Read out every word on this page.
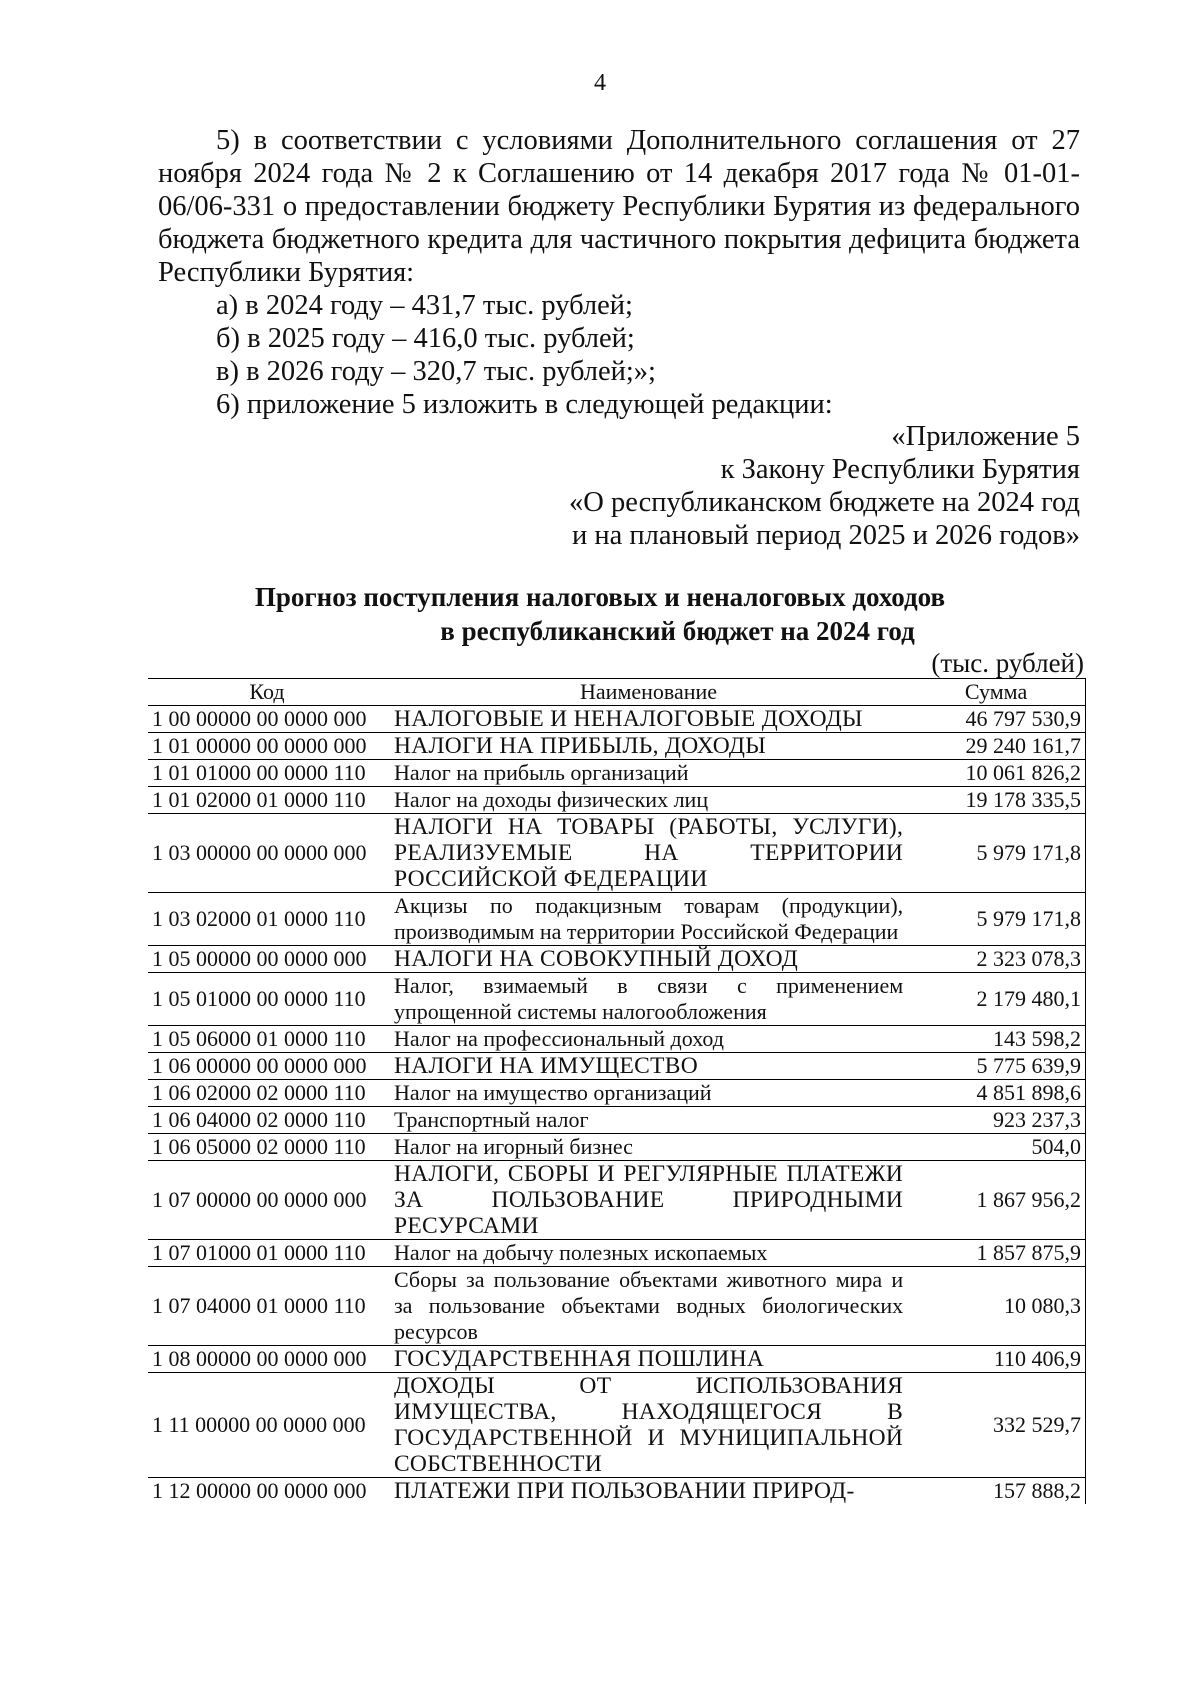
4

5) в соответствии с условиями Дополнительного соглашения от 27 ноября 2024 года № 2 к Соглашению от 14 декабря 2017 года № 01-01-06/06-331 о предоставлении бюджету Республики Бурятия из федерального бюджета бюджетного кредита для частичного покрытия дефицита бюджета Республики Бурятия:

а) в 2024 году – 431,7 тыс. рублей;

б) в 2025 году – 416,0 тыс. рублей;

в) в 2026 году – 320,7 тыс. рублей;»;

6) приложение 5 изложить в следующей редакции:

«Приложение 5
к Закону Республики Бурятия
«О республиканском бюджете на 2024 год
и на плановый период 2025 и 2026 годов»
Прогноз поступления налоговых и неналоговых доходов
в республиканский бюджет на 2024 год
(тыс. рублей)
Код	Наименование	Сумма
1 00 00000 00 0000 000	НАЛОГОВЫЕ И НЕНАЛОГОВЫЕ ДОХОДЫ	46 797 530,9
1 01 00000 00 0000 000	НАЛОГИ НА ПРИБЫЛЬ, ДОХОДЫ	29 240 161,7
1 01 01000 00 0000 110	Налог на прибыль организаций	10 061 826,2
1 01 02000 01 0000 110	Налог на доходы физических лиц	19 178 335,5
1 03 00000 00 0000 000	НАЛОГИ НА ТОВАРЫ (РАБОТЫ, УСЛУГИ), РЕАЛИЗУЕМЫЕ НА ТЕРРИТОРИИ РОССИЙСКОЙ ФЕДЕРАЦИИ	5 979 171,8
1 03 02000 01 0000 110	Акцизы по подакцизным товарам (продукции), производимым на территории Российской Федерации	5 979 171,8
1 05 00000 00 0000 000	НАЛОГИ НА СОВОКУПНЫЙ ДОХОД	2 323 078,3
1 05 01000 00 0000 110	Налог, взимаемый в связи с применением упрощенной системы налогообложения	2 179 480,1
1 05 06000 01 0000 110	Налог на профессиональный доход	143 598,2
1 06 00000 00 0000 000	НАЛОГИ НА ИМУЩЕСТВО	5 775 639,9
1 06 02000 02 0000 110	Налог на имущество организаций	4 851 898,6
1 06 04000 02 0000 110	Транспортный налог	923 237,3
1 06 05000 02 0000 110	Налог на игорный бизнес	504,0
1 07 00000 00 0000 000	НАЛОГИ, СБОРЫ И РЕГУЛЯРНЫЕ ПЛАТЕЖИ ЗА ПОЛЬЗОВАНИЕ ПРИРОДНЫМИ РЕСУРСАМИ	1 867 956,2
1 07 01000 01 0000 110	Налог на добычу полезных ископаемых	1 857 875,9
1 07 04000 01 0000 110	Сборы за пользование объектами животного мира и за пользование объектами водных биологических ресурсов	10 080,3
1 08 00000 00 0000 000	ГОСУДАРСТВЕННАЯ ПОШЛИНА	110 406,9
1 11 00000 00 0000 000	ДОХОДЫ ОТ ИСПОЛЬЗОВАНИЯ ИМУЩЕСТВА, НАХОДЯЩЕГОСЯ В ГОСУДАРСТВЕННОЙ И МУНИЦИПАЛЬНОЙ СОБСТВЕННОСТИ	332 529,7
1 12 00000 00 0000 000	ПЛАТЕЖИ ПРИ ПОЛЬЗОВАНИИ ПРИРОД-	157 888,2
